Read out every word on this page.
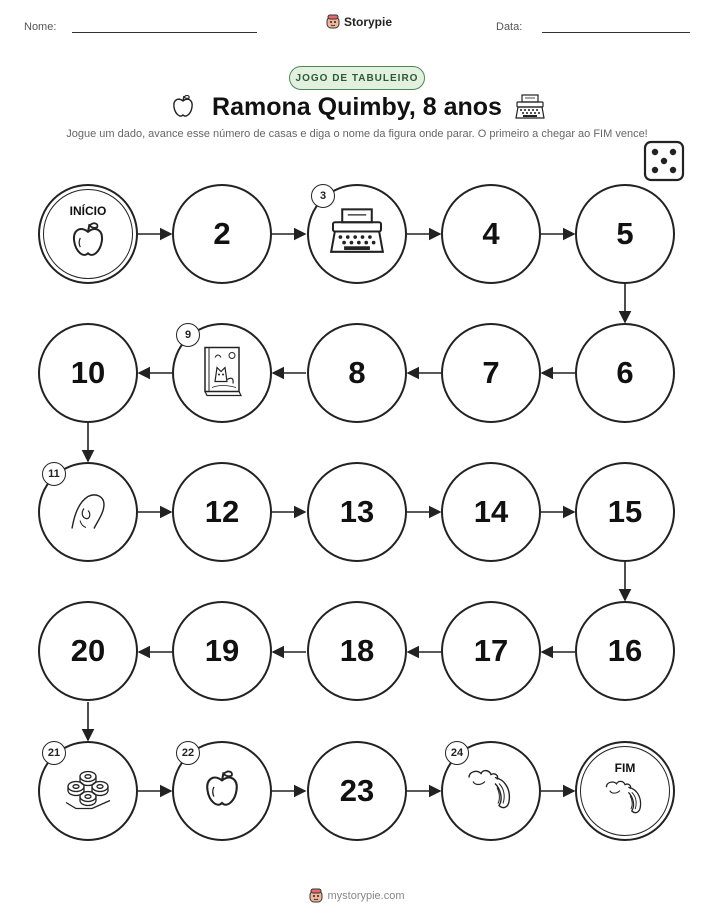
Nome:	Storypie	Data:
JOGO DE TABULEIRO
Ramona Quimby, 8 anos
Jogue um dado, avance esse número de casas e diga o nome da figura onde parar. O primeiro a chegar ao FIM vence!
INÍCIO
2
3
4	5
6
7
8
9
10
11
12	13	14	15
16
17
18
19
20
21	22
23
24
FIM
mystorypie.com
